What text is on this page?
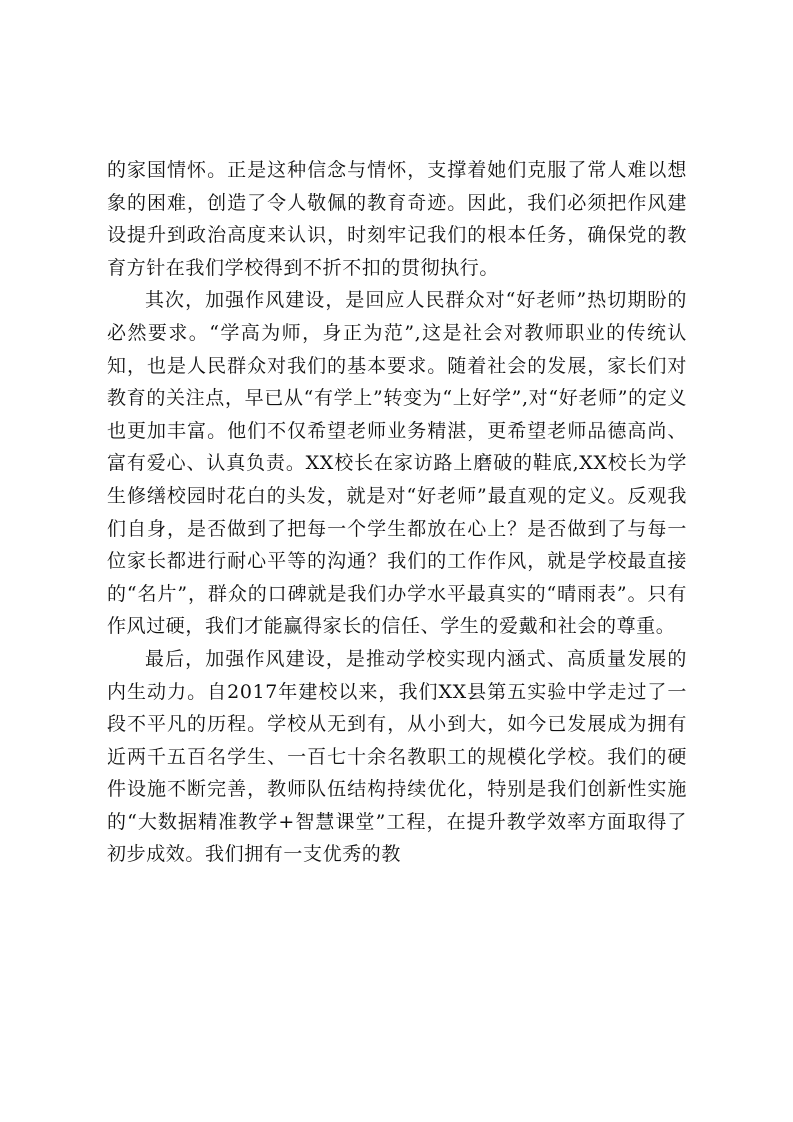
的家国情怀。正是这种信念与情怀，支撑着她们克服了常人难以想象的困难，创造了令人敬佩的教育奇迹。因此，我们必须把作风建设提升到政治高度来认识，时刻牢记我们的根本任务，确保党的教育方针在我们学校得到不折不扣的贯彻执行。

其次，加强作风建设，是回应人民群众对“好老师”热切期盼的必然要求。“学高为师，身正为范”,这是社会对教师职业的传统认知，也是人民群众对我们的基本要求。随着社会的发展，家长们对教育的关注点，早已从“有学上”转变为“上好学”,对“好老师”的定义也更加丰富。他们不仅希望老师业务精湛，更希望老师品德高尚、富有爱心、认真负责。XX校长在家访路上磨破的鞋底,XX校长为学生修缮校园时花白的头发，就是对“好老师”最直观的定义。反观我们自身，是否做到了把每一个学生都放在心上？是否做到了与每一位家长都进行耐心平等的沟通？我们的工作作风，就是学校最直接的“名片”，群众的口碑就是我们办学水平最真实的“晴雨表”。只有作风过硬，我们才能赢得家长的信任、学生的爱戴和社会的尊重。

最后，加强作风建设，是推动学校实现内涵式、高质量发展的内生动力。自2017年建校以来，我们XX县第五实验中学走过了一段不平凡的历程。学校从无到有，从小到大，如今已发展成为拥有近两千五百名学生、一百七十余名教职工的规模化学校。我们的硬件设施不断完善，教师队伍结构持续优化，特别是我们创新性实施的“大数据精准教学+智慧课堂”工程，在提升教学效率方面取得了初步成效。我们拥有一支优秀的教
